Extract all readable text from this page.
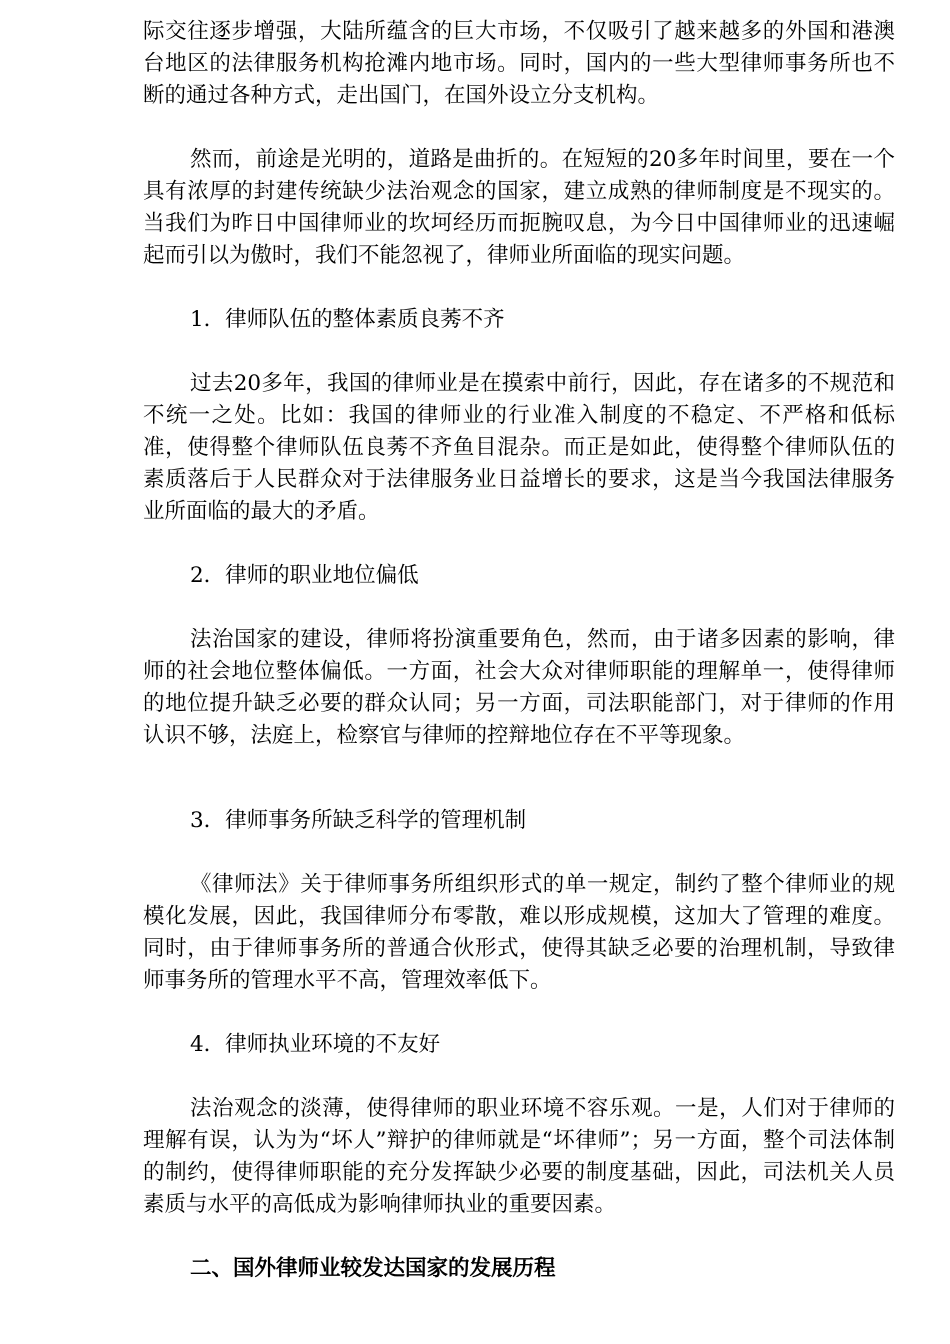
际交往逐步增强，大陆所蕴含的巨大市场，不仅吸引了越来越多的外国和港澳台地区的法律服务机构抢滩内地市场。同时，国内的一些大型律师事务所也不断的通过各种方式，走出国门，在国外设立分支机构。

然而，前途是光明的，道路是曲折的。在短短的20多年时间里，要在一个具有浓厚的封建传统缺少法治观念的国家，建立成熟的律师制度是不现实的。当我们为昨日中国律师业的坎坷经历而扼腕叹息，为今日中国律师业的迅速崛起而引以为傲时，我们不能忽视了，律师业所面临的现实问题。

1．律师队伍的整体素质良莠不齐

过去20多年，我国的律师业是在摸索中前行，因此，存在诸多的不规范和不统一之处。比如：我国的律师业的行业准入制度的不稳定、不严格和低标准，使得整个律师队伍良莠不齐鱼目混杂。而正是如此，使得整个律师队伍的素质落后于人民群众对于法律服务业日益增长的要求，这是当今我国法律服务业所面临的最大的矛盾。

2．律师的职业地位偏低

法治国家的建设，律师将扮演重要角色，然而，由于诸多因素的影响，律师的社会地位整体偏低。一方面，社会大众对律师职能的理解单一，使得律师的地位提升缺乏必要的群众认同；另一方面，司法职能部门，对于律师的作用认识不够，法庭上，检察官与律师的控辩地位存在不平等现象。

3．律师事务所缺乏科学的管理机制

《律师法》关于律师事务所组织形式的单一规定，制约了整个律师业的规模化发展，因此，我国律师分布零散，难以形成规模，这加大了管理的难度。同时，由于律师事务所的普通合伙形式，使得其缺乏必要的治理机制，导致律师事务所的管理水平不高，管理效率低下。

4．律师执业环境的不友好

法治观念的淡薄，使得律师的职业环境不容乐观。一是，人们对于律师的理解有误，认为为“坏人”辩护的律师就是“坏律师”；另一方面，整个司法体制的制约，使得律师职能的充分发挥缺少必要的制度基础，因此，司法机关人员素质与水平的高低成为影响律师执业的重要因素。

二、国外律师业较发达国家的发展历程
